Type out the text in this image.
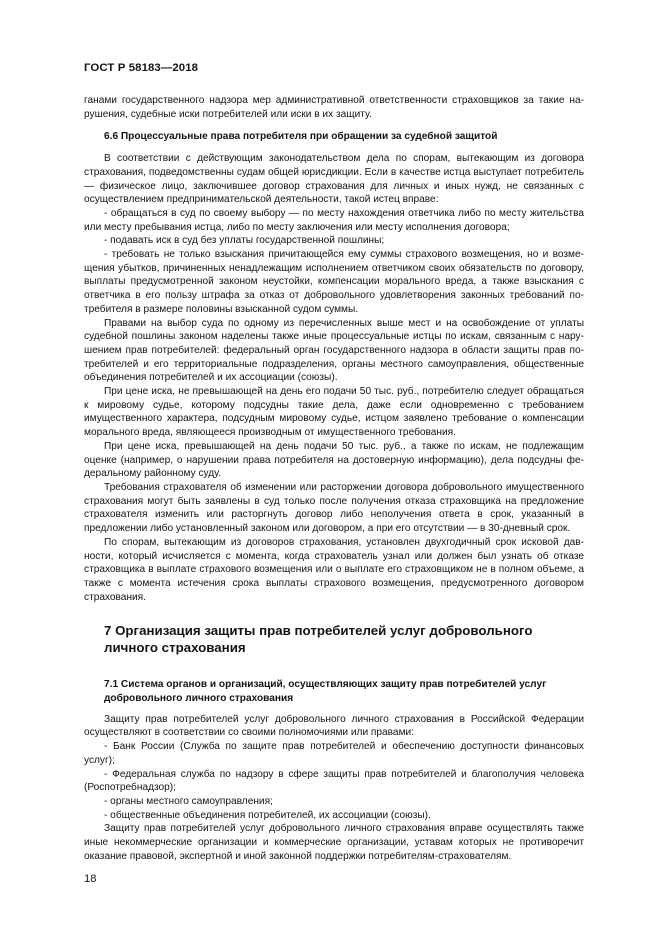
ГОСТ Р 58183—2018

ганами государственного надзора мер административной ответственности страховщиков за такие нарушения, судебные иски потребителей или иски в их защиту.

6.6 Процессуальные права потребителя при обращении за судебной защитой

В соответствии с действующим законодательством дела по спорам, вытекающим из договора страхования, подведомственны судам общей юрисдикции. Если в качестве истца выступает потребитель — физическое лицо, заключившее договор страхования для личных и иных нужд, не связанных с осуществлением предпринимательской деятельности, такой истец вправе:

- обращаться в суд по своему выбору — по месту нахождения ответчика либо по месту жительства или месту пребывания истца, либо по месту заключения или месту исполнения договора;

- подавать иск в суд без уплаты государственной пошлины;

- требовать не только взыскания причитающейся ему суммы страхового возмещения, но и возмещения убытков, причиненных ненадлежащим исполнением ответчиком своих обязательств по договору, выплаты предусмотренной законом неустойки, компенсации морального вреда, а также взыскания с ответчика в его пользу штрафа за отказ от добровольного удовлетворения законных требований потребителя в размере половины взысканной судом суммы.

Правами на выбор суда по одному из перечисленных выше мест и на освобождение от уплаты судебной пошлины законом наделены также иные процессуальные истцы по искам, связанным с нарушением прав потребителей: федеральный орган государственного надзора в области защиты прав потребителей и его территориальные подразделения, органы местного самоуправления, общественные объединения потребителей и их ассоциации (союзы).

При цене иска, не превышающей на день его подачи 50 тыс. руб., потребителю следует обращаться к мировому судье, которому подсудны такие дела, даже если одновременно с требованием имущественного характера, подсудным мировому судье, истцом заявлено требование о компенсации морального вреда, являющееся производным от имущественного требования.

При цене иска, превышающей на день подачи 50 тыс. руб., а также по искам, не подлежащим оценке (например, о нарушении права потребителя на достоверную информацию), дела подсудны федеральному районному суду.

Требования страхователя об изменении или расторжении договора добровольного имущественного страхования могут быть заявлены в суд только после получения отказа страховщика на предложение страхователя изменить или расторгнуть договор либо неполучения ответа в срок, указанный в предложении либо установленный законом или договором, а при его отсутствии — в 30-дневный срок.

По спорам, вытекающим из договоров страхования, установлен двухгодичный срок исковой давности, который исчисляется с момента, когда страхователь узнал или должен был узнать об отказе страховщика в выплате страхового возмещения или о выплате его страховщиком не в полном объеме, а также с момента истечения срока выплаты страхового возмещения, предусмотренного договором страхования.

7 Организация защиты прав потребителей услуг добровольного личного страхования
7.1 Система органов и организаций, осуществляющих защиту прав потребителей услуг добровольного личного страхования

Защиту прав потребителей услуг добровольного личного страхования в Российской Федерации осуществляют в соответствии со своими полномочиями или правами:

- Банк России (Служба по защите прав потребителей и обеспечению доступности финансовых услуг);

- Федеральная служба по надзору в сфере защиты прав потребителей и благополучия человека (Роспотребнадзор);

- органы местного самоуправления;

- общественные объединения потребителей, их ассоциации (союзы).

Защиту прав потребителей услуг добровольного личного страхования вправе осуществлять также иные некоммерческие организации и коммерческие организации, уставам которых не противоречит оказание правовой, экспертной и иной законной поддержки потребителям-страхователям.

18
